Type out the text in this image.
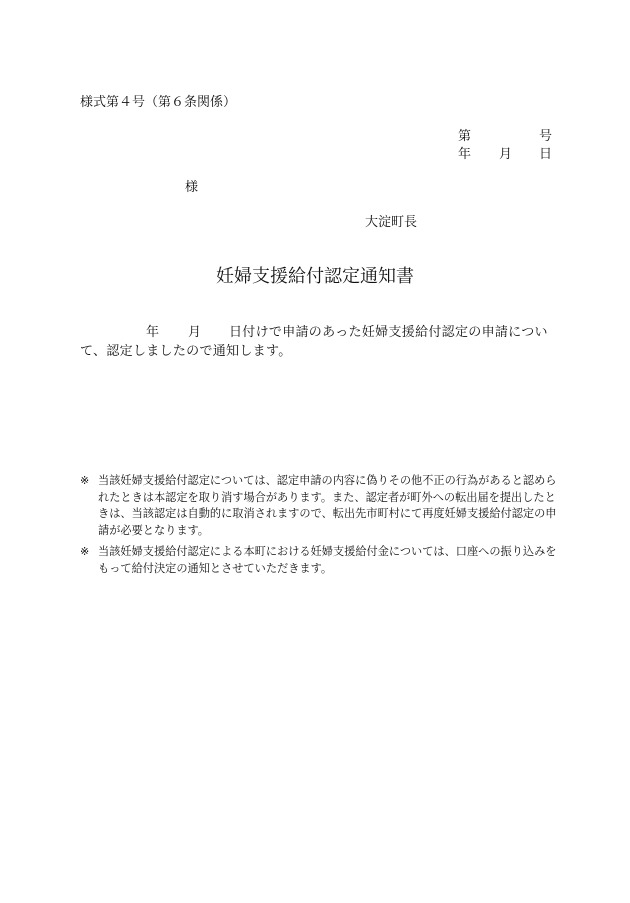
様式第４号（第６条関係）
第	号
年 月 日
様
大淀町長
妊婦支援給付認定通知書
年 月 日付けで申請のあった妊婦支援給付認定の申請につい
て、認定しましたので通知します。
※ 当該妊婦支援給付認定については、認定申請の内容に偽りその他不正の行為があると認めら
れたときは本認定を取り消す場合があります。また、認定者が町外への転出届を提出したと
きは、当該認定は自動的に取消されますので、転出先市町村にて再度妊婦支援給付認定の申
請が必要となります。
※ 当該妊婦支援給付認定による本町における妊婦支援給付金については、口座への振り込みを
もって給付決定の通知とさせていただきます。
